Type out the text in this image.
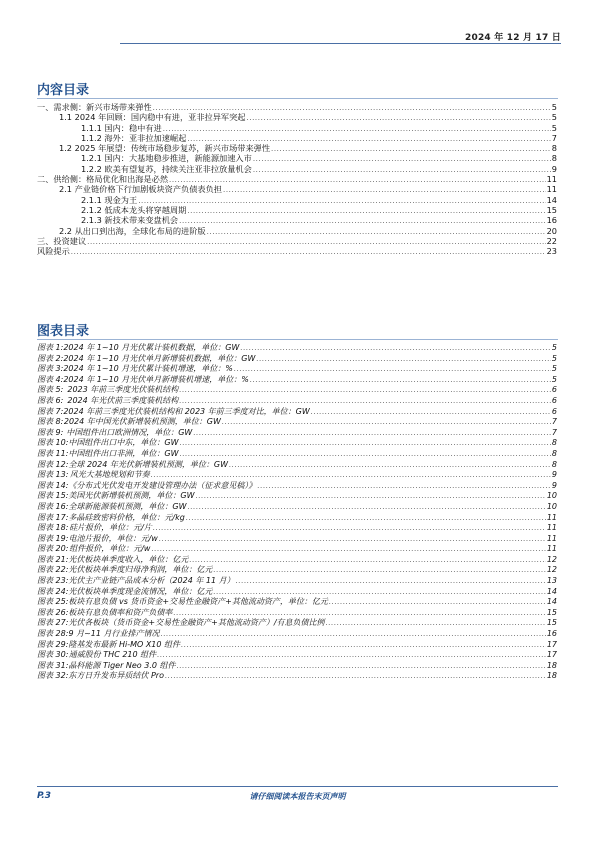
2024 年 12 月 17 日
内容目录
一、需求侧：新兴市场带来弹性 .....	5
1.1 2024 年回顾：国内稳中有进，亚非拉异军突起 .....	5
1.1.1 国内：稳中有进 .....	5
1.1.2 海外：亚非拉加速崛起 .....	7
1.2 2025 年展望：传统市场稳步复苏，新兴市场带来弹性 .....	8
1.2.1 国内：大基地稳步推进，新能源加速入市 .....	8
1.2.2 欧美有望复苏，持续关注亚非拉放量机会 .....	9
二、供给侧：格局优化和出海是必然 .....	11
2.1 产业链价格下行加剧板块资产负债表负担 .....	11
2.1.1 现金为王 .....	14
2.1.2 低成本龙头将穿越周期 .....	15
2.1.3 新技术带来变盘机会 .....	16
2.2 从出口到出海，全球化布局的进阶版 .....	20
三、投资建议 .....	22
风险提示 .....	23
图表目录
图表 1: 2024 年 1~10 月光伏累计装机数据，单位：GW .....	5
图表 2: 2024 年 1~10 月光伏单月新增装机数据，单位：GW .....	5
图表 3: 2024 年 1~10 月光伏累计装机增速，单位：% .....	5
图表 4: 2024 年 1~10 月光伏单月新增装机增速，单位：% .....	5
图表 5: 2023 年前三季度光伏装机结构 .....	6
图表 6: 2024 年光伏前三季度装机结构 .....	6
图表 7: 2024 年前三季度光伏装机结构和 2023 年前三季度对比，单位：GW .....	6
图表 8: 2024 年中国光伏新增装机预测，单位：GW .....	7
图表 9: 中国组件出口欧洲情况，单位：GW .....	7
图表 10: 中国组件出口中东，单位：GW .....	8
图表 11: 中国组件出口非洲，单位：GW .....	8
图表 12: 全球 2024 年光伏新增装机预测，单位：GW .....	8
图表 13: 风光大基地规划和节奏 .....	9
图表 14: 《分布式光伏发电开发建设管理办法（征求意见稿）》 .....	9
图表 15: 美国光伏新增装机预测，单位：GW .....	10
图表 16: 全球新能源装机预测，单位：GW .....	10
图表 17: 多晶硅致密料价格，单位：元/kg .....	11
图表 18: 硅片报价，单位：元/片 .....	11
图表 19: 电池片报价，单位：元/w .....	11
图表 20: 组件报价，单位：元/w .....	11
图表 21: 光伏板块单季度收入，单位：亿元 .....	12
图表 22: 光伏板块单季度归母净利润，单位：亿元 .....	12
图表 23: 光伏主产业链产品成本分析（2024 年 11 月） .....	13
图表 24: 光伏板块单季度现金流情况，单位：亿元 .....	14
图表 25: 板块有息负债 vs 货币资金+交易性金融资产+其他流动资产，单位：亿元 .....	14
图表 26: 板块有息负债率和资产负债率 .....	15
图表 27: 光伏各板块（货币资金+交易性金融资产+其他流动资产）/有息负债比例 .....	15
图表 28: 9 月~11 月行业排产情况 .....	16
图表 29: 隆基发布最新 Hi-MO X10 组件 .....	17
图表 30: 通威股份 THC 210 组件 .....	17
图表 31: 晶科能源 Tiger Neo 3.0 组件 .....	18
图表 32: 东方日升发布异质结伏 Pro .....	18
P.3	请仔细阅读本报告末页声明
